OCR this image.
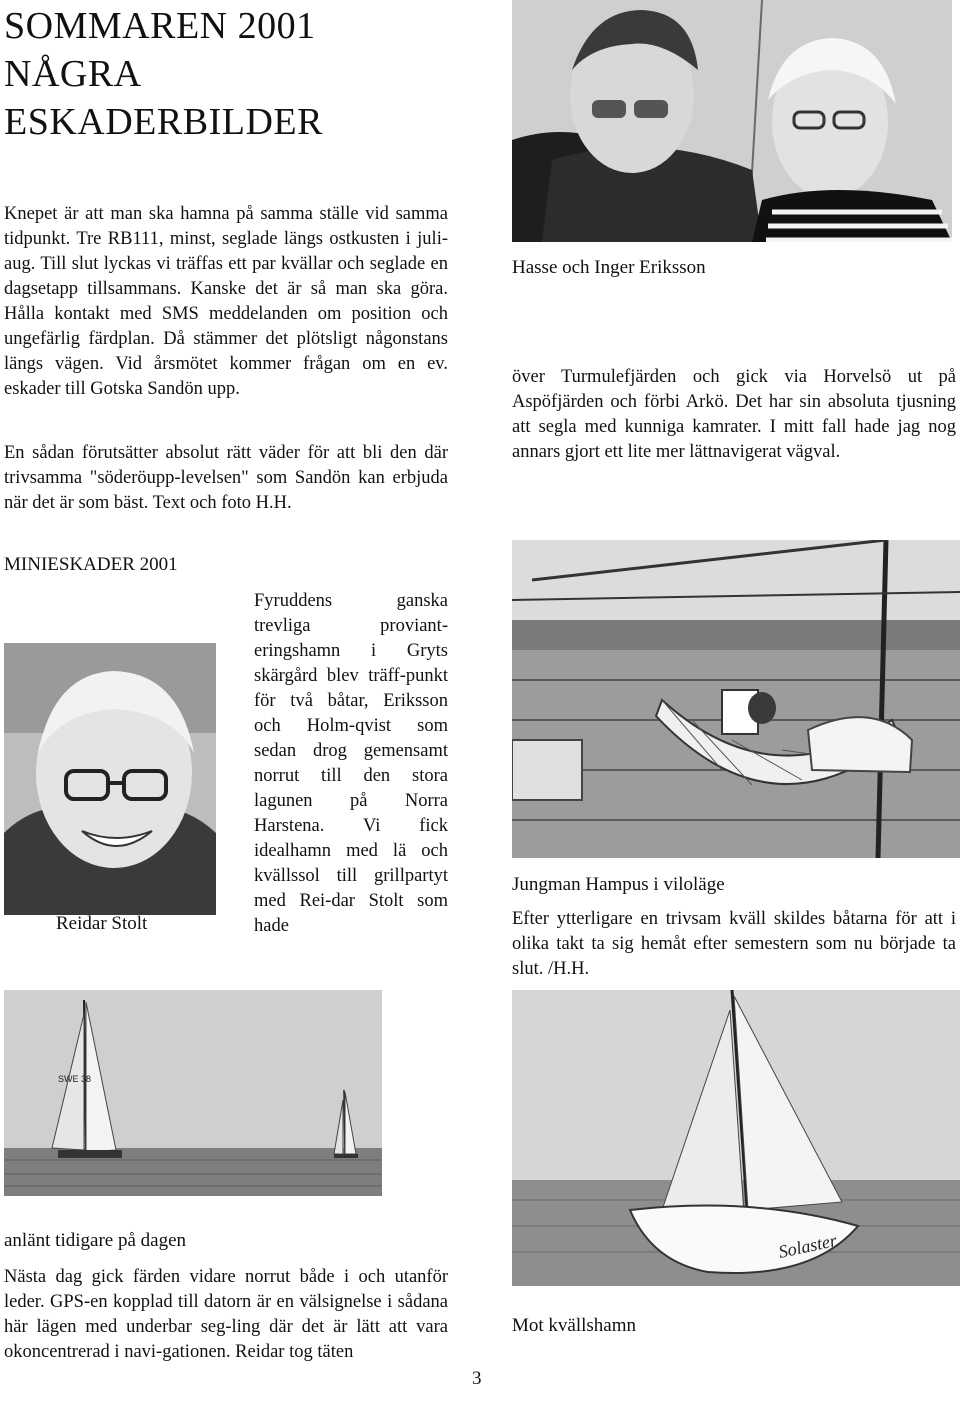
SOMMAREN 2001
NÅGRA
ESKADERBILDER
Knepet är att man ska hamna på samma ställe vid samma tidpunkt. Tre RB111, minst, seglade längs ostkusten i juli- aug. Till slut lyckas vi träffas ett par kvällar och seglade en dagsetapp tillsammans. Kanske det är så man ska göra. Hålla kontakt med SMS meddelanden om position och ungefärlig färdplan. Då stämmer det plötsligt någonstans längs vägen. Vid årsmötet kommer frågan om en ev. eskader till Gotska Sandön upp.
En sådan förutsätter absolut rätt väder för att bli den där trivsamma "söderöupp-levelsen" som Sandön kan erbjuda när det är som bäst. Text och foto H.H.
MINIESKADER 2001
Reidar Stolt
Fyruddens ganska trevliga proviant-eringshamn i Gryts skärgård blev träff-punkt för två båtar, Eriksson och Holm-qvist som sedan drog gemensamt norrut till den stora lagunen på Norra Harstena. Vi fick idealhamn med lä och kvällssol till grillpartyt med Rei-dar Stolt som hade
Hasse och Inger Eriksson
över Turmulefjärden och gick via Horvelsö ut på Aspöfjärden och förbi Arkö. Det har sin absoluta tjusning att segla med kunniga kamrater. I mitt fall hade jag nog annars gjort ett lite mer lättnavigerat vägval.
Jungman Hampus i viloläge
Efter ytterligare en trivsam kväll skildes båtarna för att i olika takt ta sig hemåt efter semestern som nu började ta slut. /H.H.
SWE 38
Solaster
anlänt tidigare på dagen
Nästa dag gick färden vidare norrut både i och utanför leder. GPS-en kopplad till datorn är en välsignelse i sådana här lägen med underbar seg-ling där det är lätt att vara okoncentrerad i navi-gationen. Reidar tog täten
Mot kvällshamn
3
